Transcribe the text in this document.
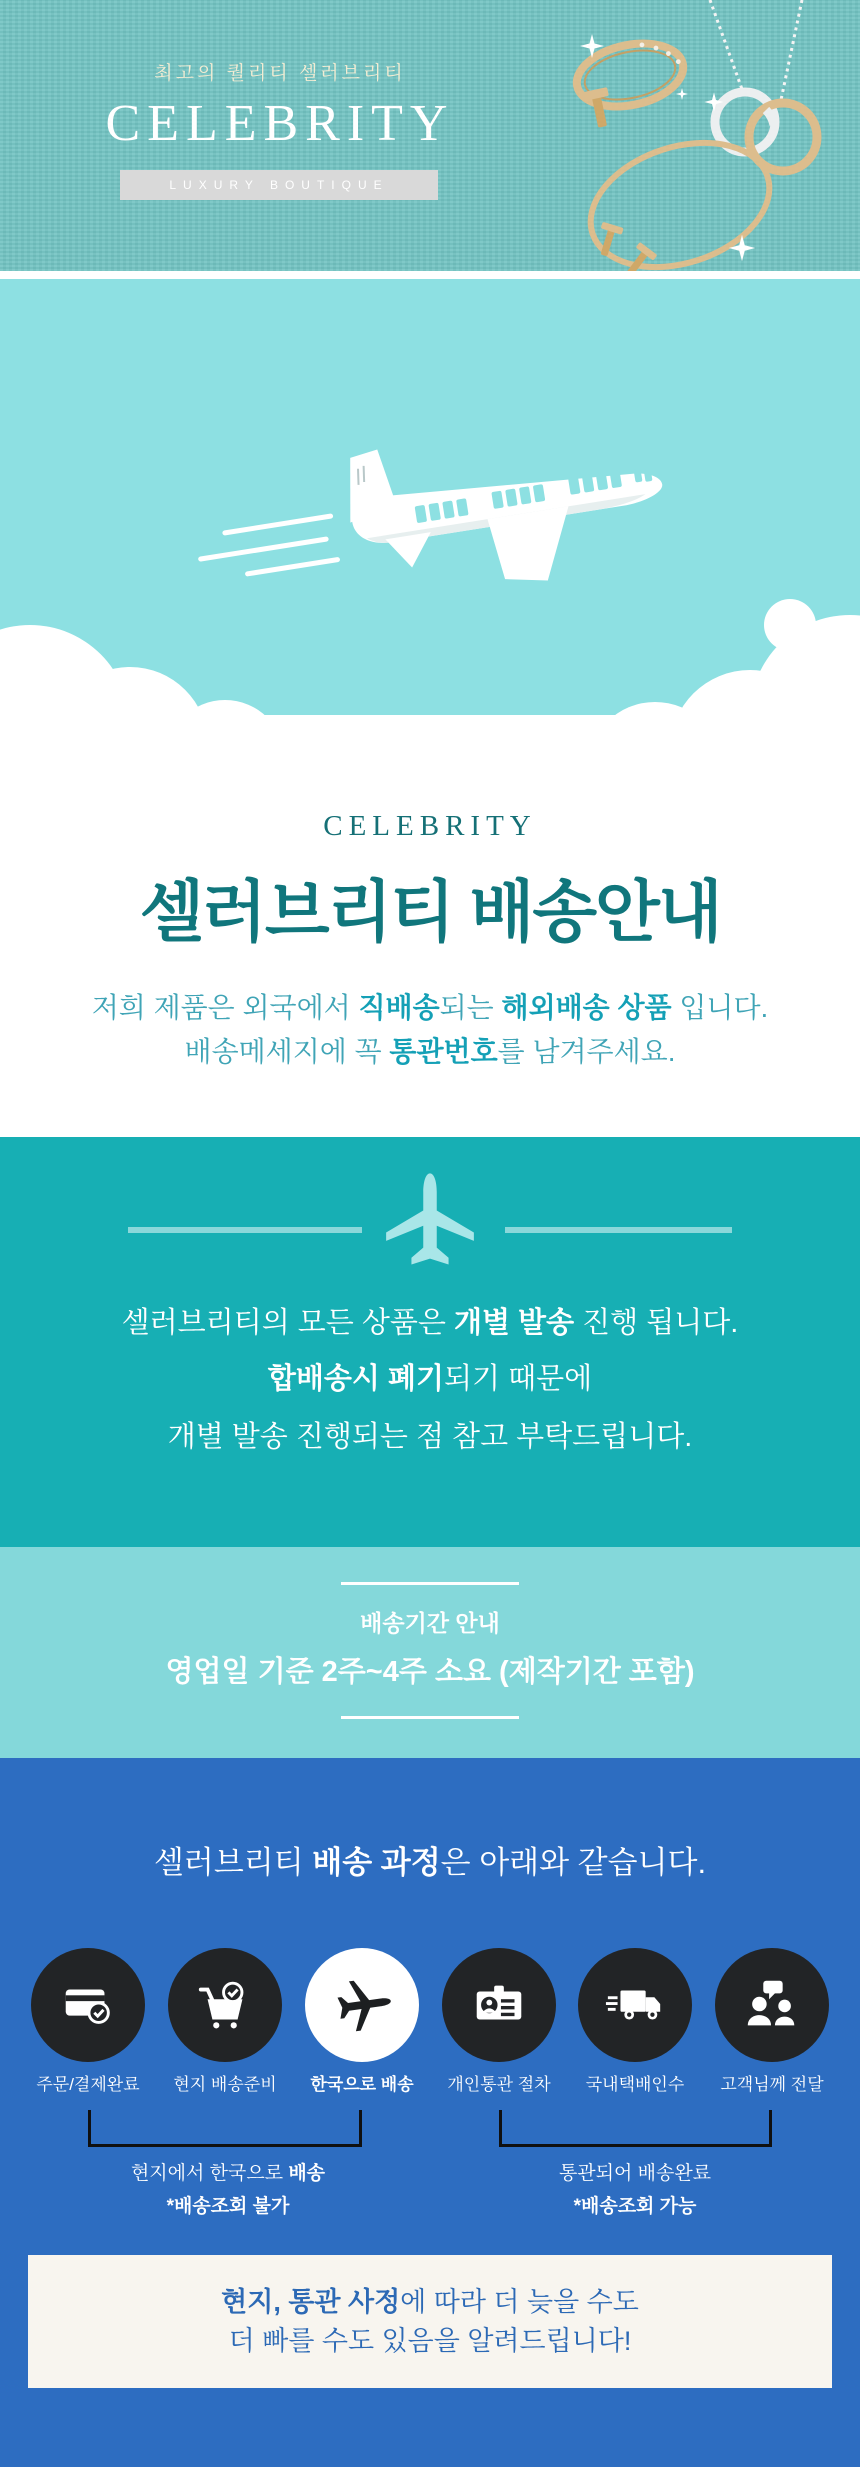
최고의 퀄리티 셀러브리티
CELEBRITY
LUXURY BOUTIQUE
CELEBRITY
셀러브리티 배송안내
저희 제품은 외국에서 직배송되는 해외배송 상품 입니다.
배송메세지에 꼭 통관번호를 남겨주세요.
셀러브리티의 모든 상품은 개별 발송 진행 됩니다.
합배송시 폐기되기 때문에
개별 발송 진행되는 점 참고 부탁드립니다.
배송기간 안내
영업일 기준 2주~4주 소요 (제작기간 포함)
셀러브리티 배송 과정은 아래와 같습니다.
주문/결제완료	현지 배송준비	한국으로 배송	개인통관 절차	국내택배인수	고객님께 전달
현지에서 한국으로 배송
*배송조회 불가
통관되어 배송완료
*배송조회 가능
현지, 통관 사정에 따라 더 늦을 수도
더 빠를 수도 있음을 알려드립니다!
